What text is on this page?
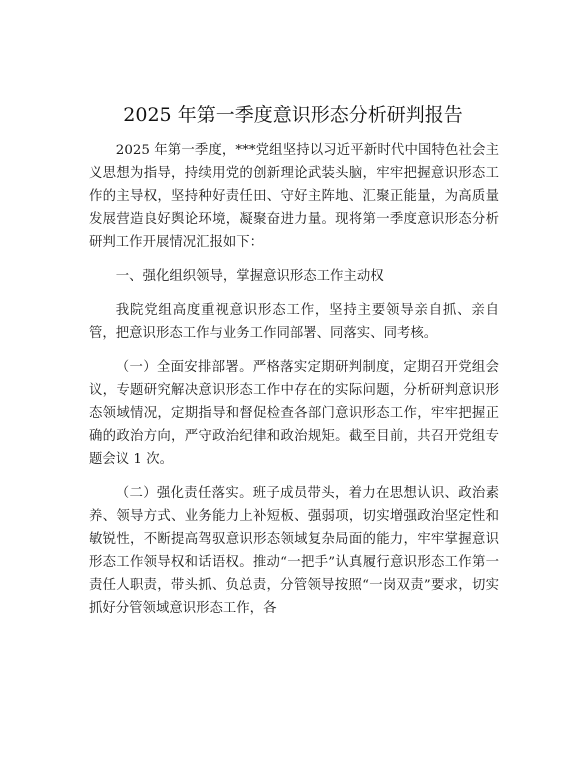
2025 年第一季度意识形态分析研判报告

2025 年第一季度，***党组坚持以习近平新时代中国特色社会主义思想为指导，持续用党的创新理论武装头脑，牢牢把握意识形态工作的主导权，坚持种好责任田、守好主阵地、汇聚正能量，为高质量发展营造良好舆论环境，凝聚奋进力量。现将第一季度意识形态分析研判工作开展情况汇报如下：

一、强化组织领导，掌握意识形态工作主动权

我院党组高度重视意识形态工作，坚持主要领导亲自抓、亲自管，把意识形态工作与业务工作同部署、同落实、同考核。

（一）全面安排部署。严格落实定期研判制度，定期召开党组会议，专题研究解决意识形态工作中存在的实际问题，分析研判意识形态领域情况，定期指导和督促检查各部门意识形态工作，牢牢把握正确的政治方向，严守政治纪律和政治规矩。截至目前，共召开党组专题会议 1 次。

（二）强化责任落实。班子成员带头，着力在思想认识、政治素养、领导方式、业务能力上补短板、强弱项，切实增强政治坚定性和敏锐性，不断提高驾驭意识形态领域复杂局面的能力，牢牢掌握意识形态工作领导权和话语权。推动“一把手”认真履行意识形态工作第一责任人职责，带头抓、负总责，分管领导按照“一岗双责”要求，切实抓好分管领域意识形态工作，各
